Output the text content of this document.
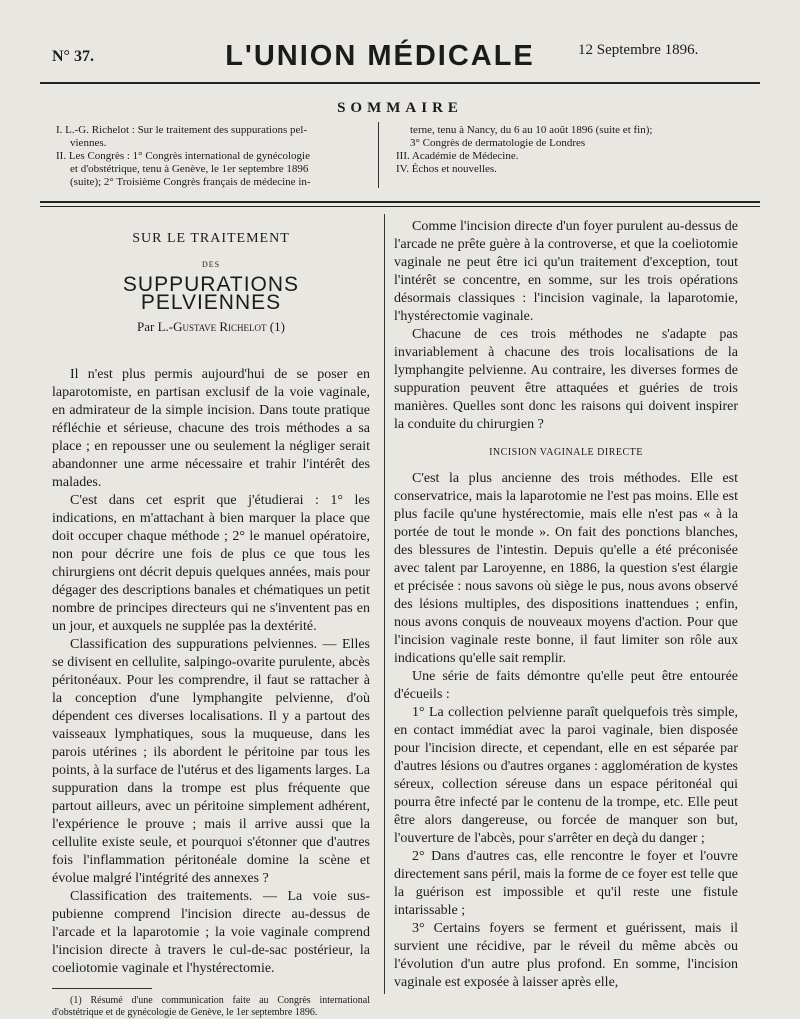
N° 37.	L'UNION MÉDICALE	12 Septembre 1896.
SOMMAIRE

I. L.-G. Richelot : Sur le traitement des suppurations pel-

viennes.

II. Les Congrès : 1° Congrès international de gynécologie

et d'obstétrique, tenu à Genève, le 1er septembre 1896

(suite); 2° Troisième Congrès français de médecine in-

terne, tenu à Nancy, du 6 au 10 août 1896 (suite et fin);

3° Congrès de dermatologie de Londres

III. Académie de Médecine.

IV. Échos et nouvelles.

SUR LE TRAITEMENT
DES
SUPPURATIONS PELVIENNES
Par L.-Gustave Richelot (1)

Il n'est plus permis aujourd'hui de se poser en laparotomiste, en partisan exclusif de la voie vaginale, en admirateur de la simple incision. Dans toute pratique réfléchie et sérieuse, chacune des trois méthodes a sa place ; en repousser une ou seulement la négliger serait abandonner une arme nécessaire et trahir l'intérêt des malades.

C'est dans cet esprit que j'étudierai : 1° les indications, en m'attachant à bien marquer la place que doit occuper chaque méthode ; 2° le manuel opératoire, non pour décrire une fois de plus ce que tous les chirurgiens ont décrit depuis quelques années, mais pour dégager des descriptions banales et chématiques un petit nombre de principes directeurs qui ne s'inventent pas en un jour, et auxquels ne supplée pas la dextérité.

Classification des suppurations pelviennes. — Elles se divisent en cellulite, salpingo-ovarite purulente, abcès péritonéaux. Pour les comprendre, il faut se rattacher à la conception d'une lymphangite pelvienne, d'où dépendent ces diverses localisations. Il y a partout des vaisseaux lymphatiques, sous la muqueuse, dans les parois utérines ; ils abordent le péritoine par tous les points, à la surface de l'utérus et des ligaments larges. La suppuration dans la trompe est plus fréquente que partout ailleurs, avec un péritoine simplement adhérent, l'expérience le prouve ; mais il arrive aussi que la cellulite existe seule, et pourquoi s'étonner que d'autres fois l'inflammation péritonéale domine la scène et évolue malgré l'intégrité des annexes ?

Classification des traitements. — La voie sus-pubienne comprend l'incision directe au-dessus de l'arcade et la laparotomie ; la voie vaginale comprend l'incision directe à travers le cul-de-sac postérieur, la coeliotomie vaginale et l'hystérectomie.

(1) Résumé d'une communication faite au Congrès international d'obstétrique et de gynécologie de Genève, le 1er septembre 1896.

Comme l'incision directe d'un foyer purulent au-dessus de l'arcade ne prête guère à la controverse, et que la coeliotomie vaginale ne peut être ici qu'un traitement d'exception, tout l'intérêt se concentre, en somme, sur les trois opérations désormais classiques : l'incision vaginale, la laparotomie, l'hystérectomie vaginale.

Chacune de ces trois méthodes ne s'adapte pas invariablement à chacune des trois localisations de la lymphangite pelvienne. Au contraire, les diverses formes de suppuration peuvent être attaquées et guéries de trois manières. Quelles sont donc les raisons qui doivent inspirer la conduite du chirurgien ?

INCISION VAGINALE DIRECTE

C'est la plus ancienne des trois méthodes. Elle est conservatrice, mais la laparotomie ne l'est pas moins. Elle est plus facile qu'une hystérectomie, mais elle n'est pas « à la portée de tout le monde ». On fait des ponctions blanches, des blessures de l'intestin. Depuis qu'elle a été préconisée avec talent par Laroyenne, en 1886, la question s'est élargie et précisée : nous savons où siège le pus, nous avons observé des lésions multiples, des dispositions inattendues ; enfin, nous avons conquis de nouveaux moyens d'action. Pour que l'incision vaginale reste bonne, il faut limiter son rôle aux indications qu'elle sait remplir.

Une série de faits démontre qu'elle peut être entourée d'écueils :

1° La collection pelvienne paraît quelquefois très simple, en contact immédiat avec la paroi vaginale, bien disposée pour l'incision directe, et cependant, elle en est séparée par d'autres lésions ou d'autres organes : agglomération de kystes séreux, collection séreuse dans un espace péritonéal qui pourra être infecté par le contenu de la trompe, etc. Elle peut être alors dangereuse, ou forcée de manquer son but, l'ouverture de l'abcès, pour s'arrêter en deçà du danger ;

2° Dans d'autres cas, elle rencontre le foyer et l'ouvre directement sans péril, mais la forme de ce foyer est telle que la guérison est impossible et qu'il reste une fistule intarissable ;

3° Certains foyers se ferment et guérissent, mais il survient une récidive, par le réveil du même abcès ou l'évolution d'un autre plus profond. En somme, l'incision vaginale est exposée à laisser après elle,
